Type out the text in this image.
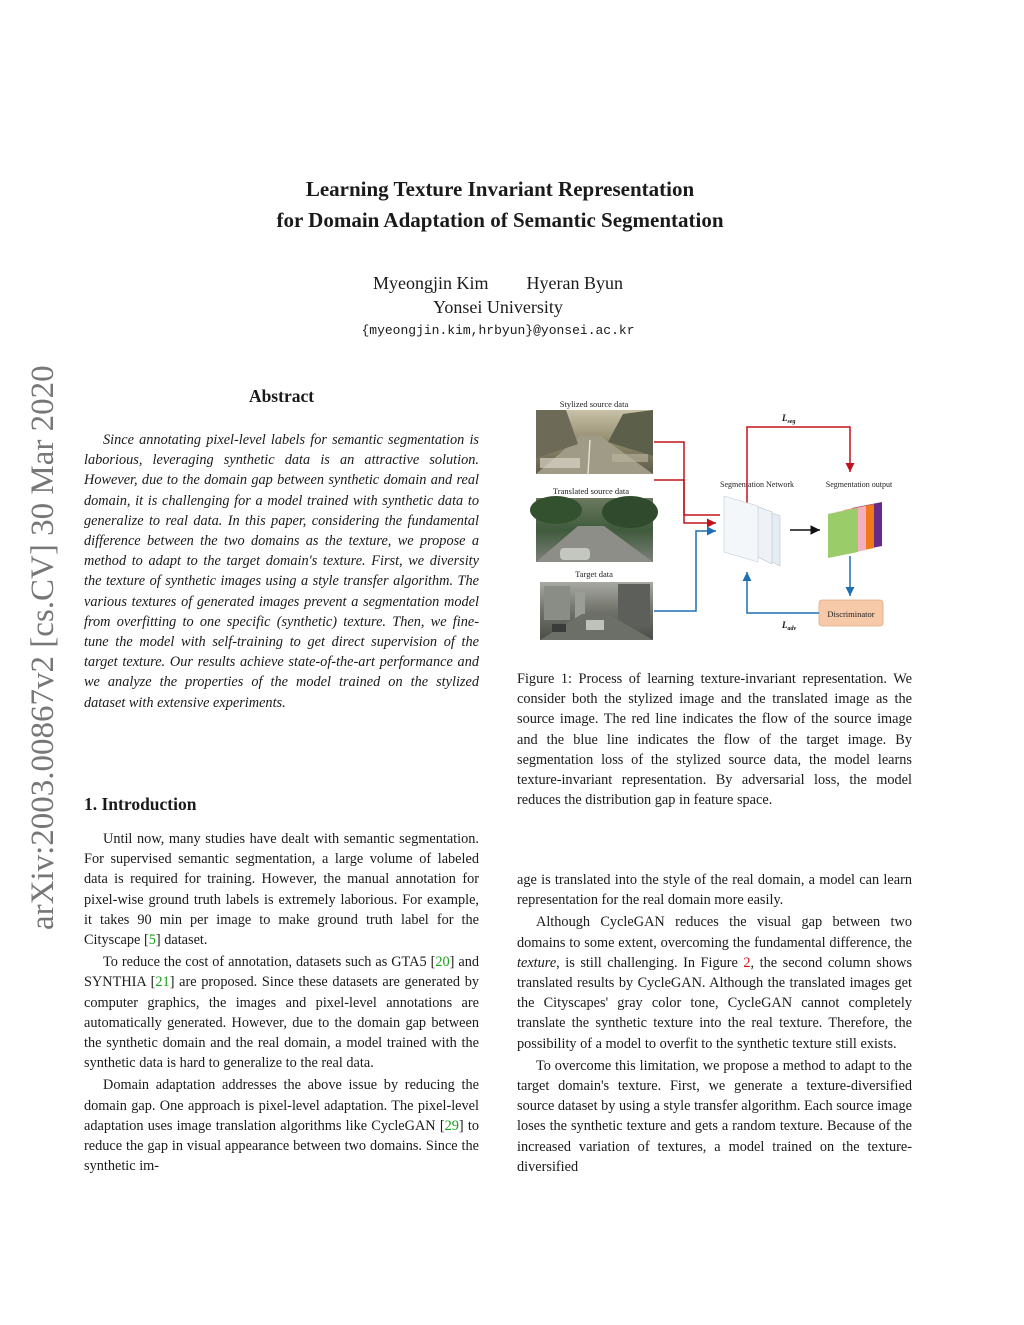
arXiv:2003.00867v2 [cs.CV] 30 Mar 2020
Learning Texture Invariant Representation
for Domain Adaptation of Semantic Segmentation
Myeongjin Kim Hyeran Byun
Yonsei University
{myeongjin.kim,hrbyun}@yonsei.ac.kr
Abstract

Since annotating pixel-level labels for semantic segmentation is laborious, leveraging synthetic data is an attractive solution. However, due to the domain gap between synthetic domain and real domain, it is challenging for a model trained with synthetic data to generalize to real data. In this paper, considering the fundamental difference between the two domains as the texture, we propose a method to adapt to the target domain's texture. First, we diversity the texture of synthetic images using a style transfer algorithm. The various textures of generated images prevent a segmentation model from overfitting to one specific (synthetic) texture. Then, we fine-tune the model with self-training to get direct supervision of the target texture. Our results achieve state-of-the-art performance and we analyze the properties of the model trained on the stylized dataset with extensive experiments.

1. Introduction

Until now, many studies have dealt with semantic segmentation. For supervised semantic segmentation, a large volume of labeled data is required for training. However, the manual annotation for pixel-wise ground truth labels is extremely laborious. For example, it takes 90 min per image to make ground truth label for the Cityscape [5] dataset.

To reduce the cost of annotation, datasets such as GTA5 [20] and SYNTHIA [21] are proposed. Since these datasets are generated by computer graphics, the images and pixel-level annotations are automatically generated. However, due to the domain gap between the synthetic domain and the real domain, a model trained with the synthetic data is hard to generalize to the real data.

Domain adaptation addresses the above issue by reducing the domain gap. One approach is pixel-level adaptation. The pixel-level adaptation uses image translation algorithms like CycleGAN [29] to reduce the gap in visual appearance between two domains. Since the synthetic im-

Stylized source data
Translated source data
Target data
Segmentation Network	Segmentation output
$L_{seg}$
Discriminator
$L_{adv}$

Figure 1: Process of learning texture-invariant representation. We consider both the stylized image and the translated image as the source image. The red line indicates the flow of the source image and the blue line indicates the flow of the target image. By segmentation loss of the stylized source data, the model learns texture-invariant representation. By adversarial loss, the model reduces the distribution gap in feature space.

age is translated into the style of the real domain, a model can learn representation for the real domain more easily.

Although CycleGAN reduces the visual gap between two domains to some extent, overcoming the fundamental difference, the texture, is still challenging. In Figure 2, the second column shows translated results by CycleGAN. Although the translated images get the Cityscapes' gray color tone, CycleGAN cannot completely translate the synthetic texture into the real texture. Therefore, the possibility of a model to overfit to the synthetic texture still exists.

To overcome this limitation, we propose a method to adapt to the target domain's texture. First, we generate a texture-diversified source dataset by using a style transfer algorithm. Each source image loses the synthetic texture and gets a random texture. Because of the increased variation of textures, a model trained on the texture-diversified
